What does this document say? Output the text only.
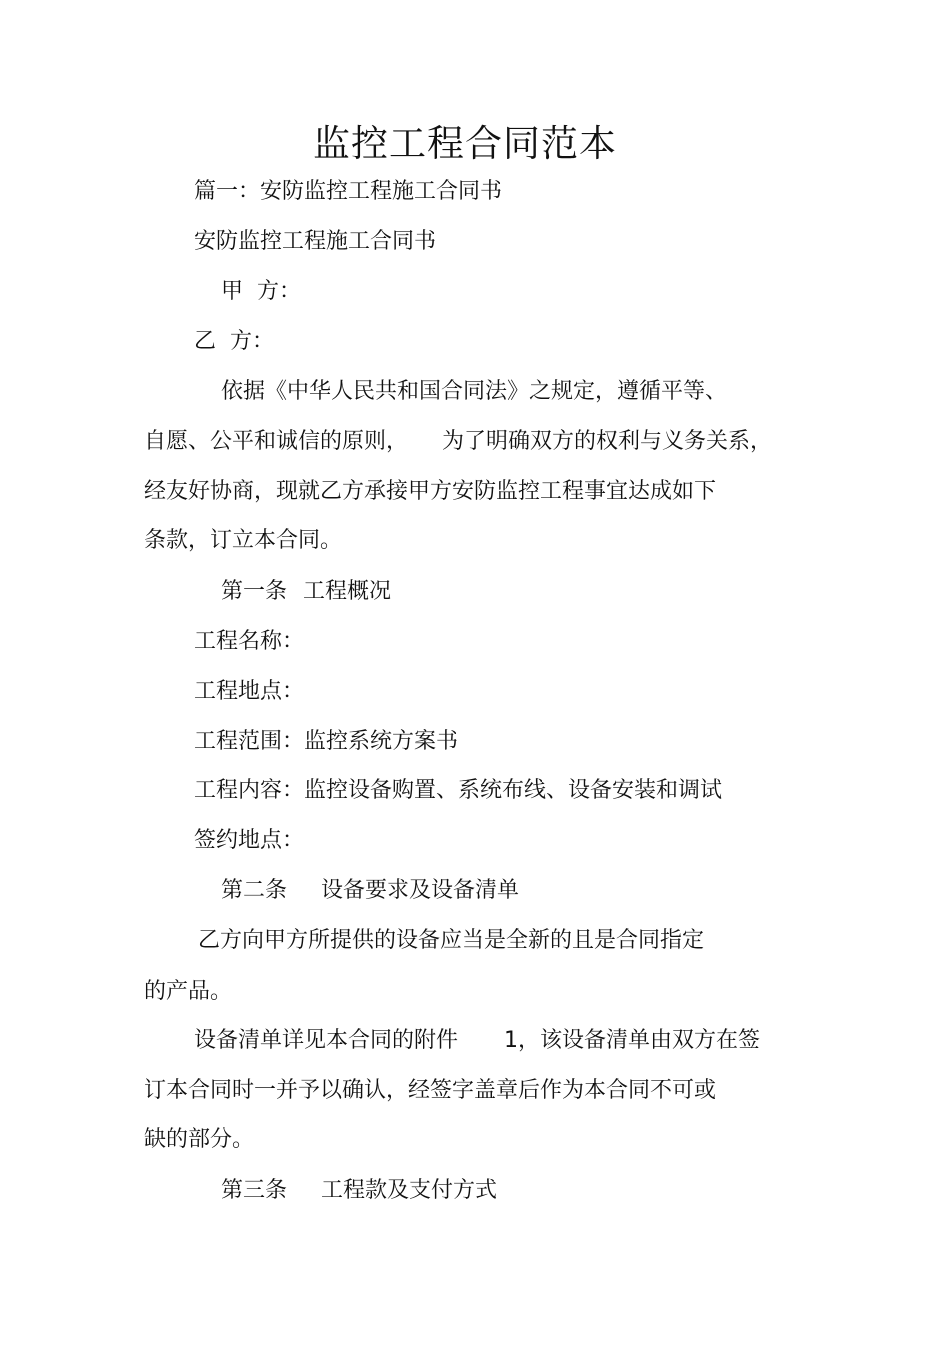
监控工程合同范本
篇一：安防监控工程施工合同书
安防监控工程施工合同书
甲  方：
乙  方：
依据《中华人民共和国合同法》之规定，遵循平等、
自愿、公平和诚信的原则， 为了明确双方的权利与义务关系，
经友好协商，现就乙方承接甲方安防监控工程事宜达成如下
条款，订立本合同。
第一条 工程概况
工程名称：
工程地点：
工程范围：监控系统方案书
工程内容：监控设备购置、系统布线、设备安装和调试
签约地点：
第二条 设备要求及设备清单
乙方向甲方所提供的设备应当是全新的且是合同指定
的产品。
设备清单详见本合同的附件 1，该设备清单由双方在签
订本合同时一并予以确认，经签字盖章后作为本合同不可或
缺的部分。
第三条 工程款及支付方式
